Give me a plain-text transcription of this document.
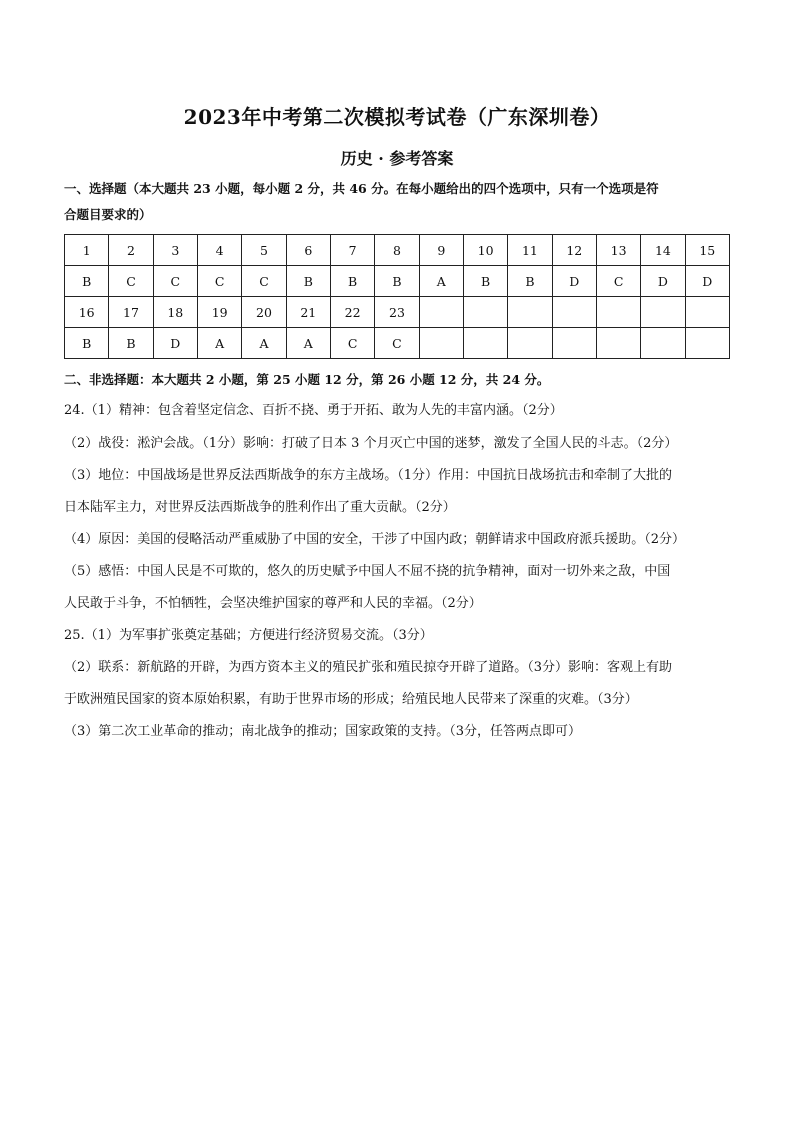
2023年中考第二次模拟考试卷（广东深圳卷）
历史 · 参考答案
一、选择题（本大题共 23 小题，每小题 2 分，共 46 分。在每小题给出的四个选项中，只有一个选项是符
合题目要求的）
1	2	3	4	5	6	7	8	9	10	11	12	13	14	15
B	C	C	C	C	B	B	B	A	B	B	D	C	D	D
16	17	18	19	20	21	22	23							
B	B	D	A	A	A	C	C							
二、非选择题：本大题共 2 小题，第 25 小题 12 分，第 26 小题 12 分，共 24 分。
24.（1）精神：包含着坚定信念、百折不挠、勇于开拓、敢为人先的丰富内涵。（2分）
（2）战役：淞沪会战。（1分）影响：打破了日本 3 个月灭亡中国的迷梦，激发了全国人民的斗志。（2分）
（3）地位：中国战场是世界反法西斯战争的东方主战场。（1分）作用：中国抗日战场抗击和牵制了大批的
日本陆军主力，对世界反法西斯战争的胜利作出了重大贡献。（2分）
（4）原因：美国的侵略活动严重威胁了中国的安全，干涉了中国内政；朝鲜请求中国政府派兵援助。（2分）
（5）感悟：中国人民是不可欺的，悠久的历史赋予中国人不屈不挠的抗争精神，面对一切外来之敌，中国
人民敢于斗争，不怕牺牲，会坚决维护国家的尊严和人民的幸福。（2分）
25.（1）为军事扩张奠定基础；方便进行经济贸易交流。（3分）
（2）联系：新航路的开辟，为西方资本主义的殖民扩张和殖民掠夺开辟了道路。（3分）影响：客观上有助
于欧洲殖民国家的资本原始积累，有助于世界市场的形成；给殖民地人民带来了深重的灾难。（3分）
（3）第二次工业革命的推动；南北战争的推动；国家政策的支持。（3分，任答两点即可）
